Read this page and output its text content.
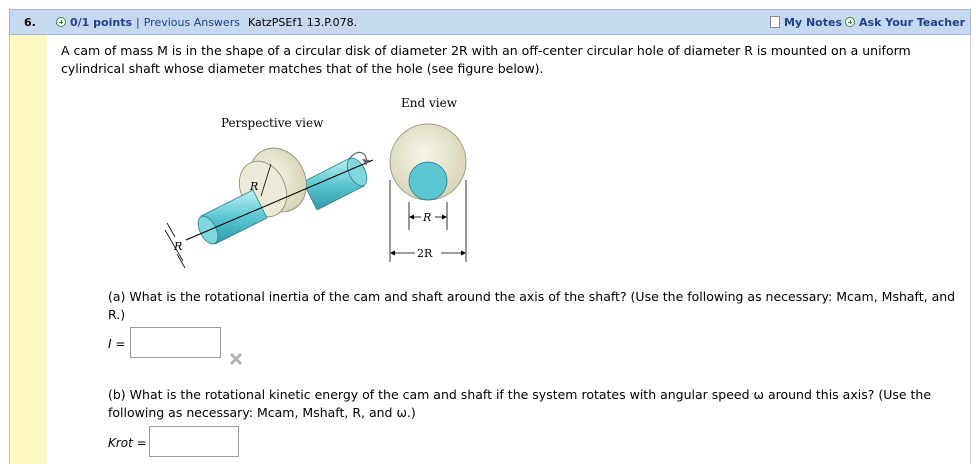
6.	0/1 points | Previous Answers KatzPSEf1 13.P.078.	My Notes	Ask Your Teacher
A cam of mass M is in the shape of a circular disk of diameter 2R with an off-center circular hole of diameter R is mounted on a uniform cylindrical shaft whose diameter matches that of the hole (see figure below).
Perspective view
R
R
End view
R
2R
(a) What is the rotational inertia of the cam and shaft around the axis of the shaft? (Use the following as necessary: Mcam, Mshaft, and R.)
I =
(b) What is the rotational kinetic energy of the cam and shaft if the system rotates with angular speed ω around this axis? (Use the following as necessary: Mcam, Mshaft, R, and ω.)
Krot =
